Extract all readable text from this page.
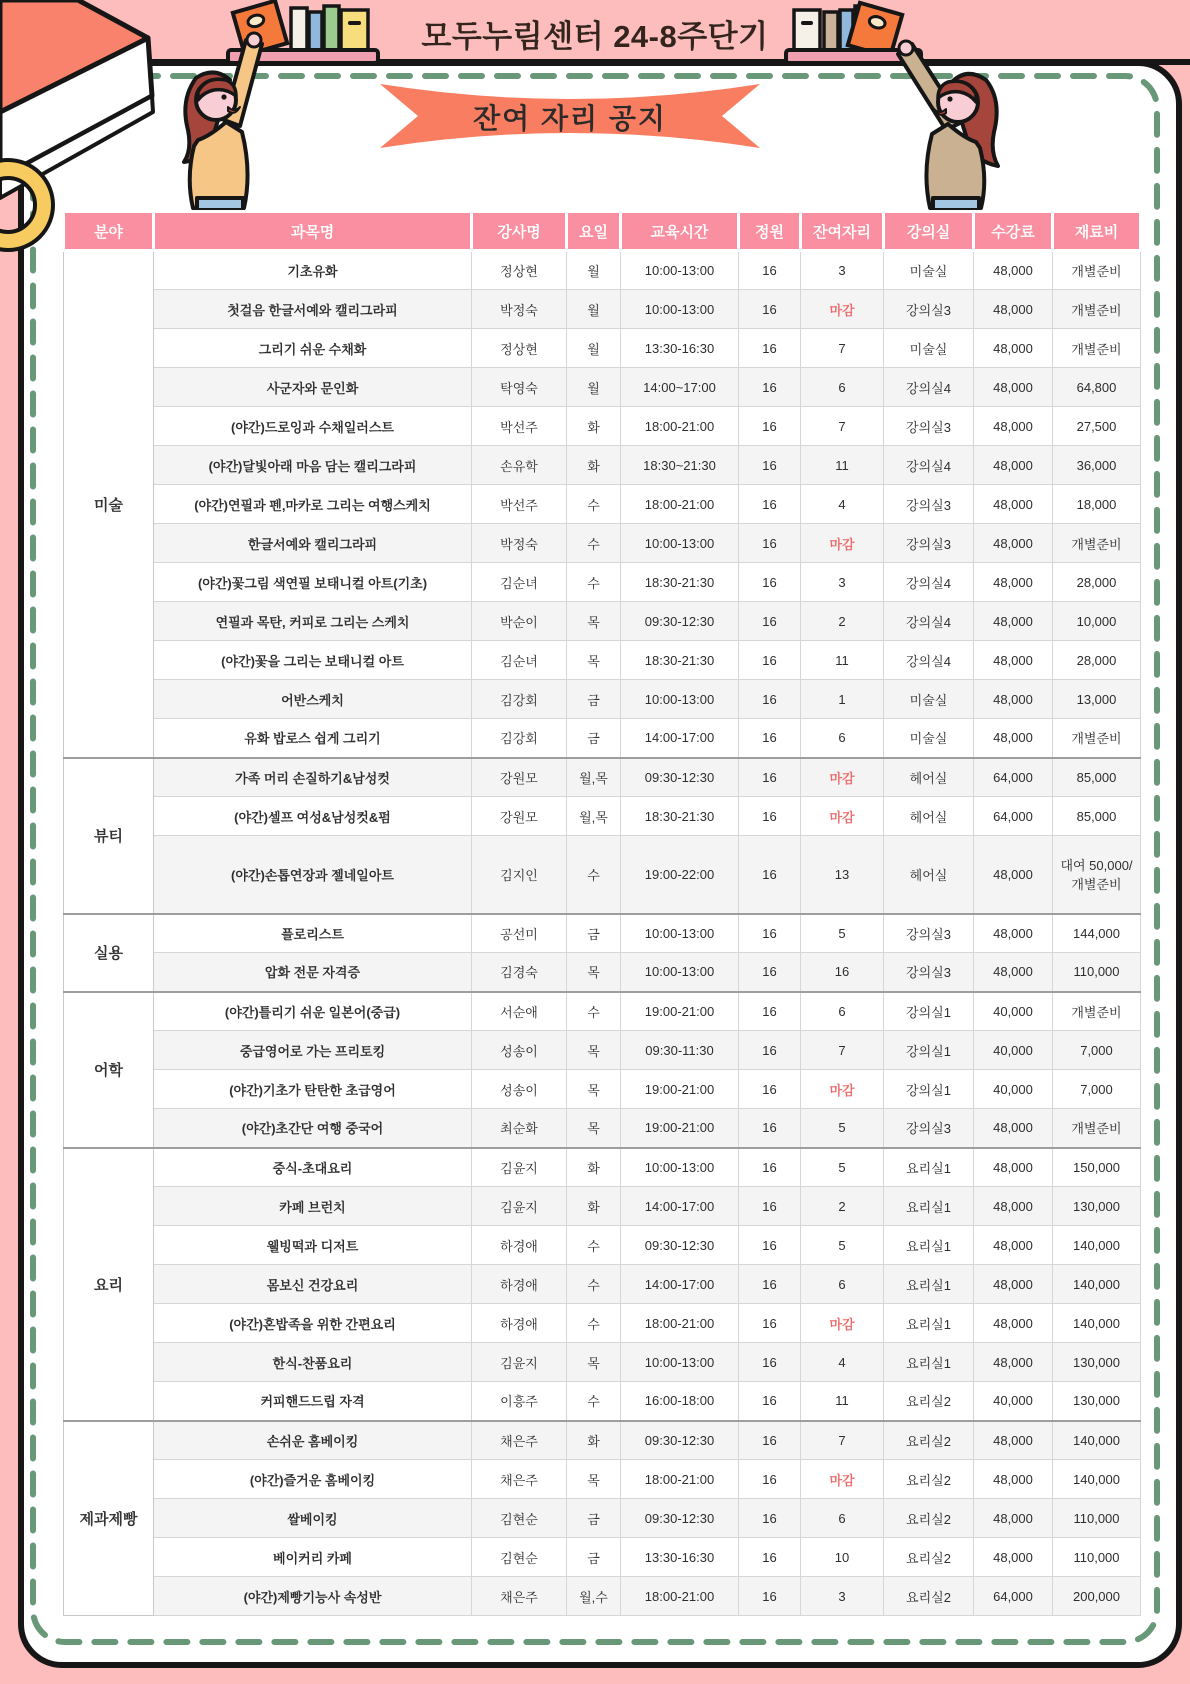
모두누림센터 24-8주단기
잔여 자리 공지
분야	과목명	강사명	요일	교육시간	정원	잔여자리	강의실	수강료	재료비
미술	기초유화	정상현	월	10:00-13:00	16	3	미술실	48,000	개별준비
	첫걸음 한글서예와 캘리그라피	박정숙	월	10:00-13:00	16	마감	강의실3	48,000	개별준비
	그리기 쉬운 수채화	정상현	월	13:30-16:30	16	7	미술실	48,000	개별준비
	사군자와 문인화	탁영숙	월	14:00~17:00	16	6	강의실4	48,000	64,800
	(야간)드로잉과 수채일러스트	박선주	화	18:00-21:00	16	7	강의실3	48,000	27,500
	(야간)달빛아래 마음 담는 캘리그라피	손유학	화	18:30~21:30	16	11	강의실4	48,000	36,000
	(야간)연필과 펜,마카로 그리는 여행스케치	박선주	수	18:00-21:00	16	4	강의실3	48,000	18,000
	한글서예와 캘리그라피	박정숙	수	10:00-13:00	16	마감	강의실3	48,000	개별준비
	(야간)꽃그림 색연필 보태니컬 아트(기초)	김순녀	수	18:30-21:30	16	3	강의실4	48,000	28,000
	연필과 목탄, 커피로 그리는 스케치	박순이	목	09:30-12:30	16	2	강의실4	48,000	10,000
	(야간)꽃을 그리는 보태니컬 아트	김순녀	목	18:30-21:30	16	11	강의실4	48,000	28,000
	어반스케치	김강회	금	10:00-13:00	16	1	미술실	48,000	13,000
	유화 밥로스 쉽게 그리기	김강회	금	14:00-17:00	16	6	미술실	48,000	개별준비
뷰티	가족 머리 손질하기&남성컷	강원모	월,목	09:30-12:30	16	마감	헤어실	64,000	85,000
	(야간)셀프 여성&남성컷&펌	강원모	월,목	18:30-21:30	16	마감	헤어실	64,000	85,000
	(야간)손톱연장과 젤네일아트	김지인	수	19:00-22:00	16	13	헤어실	48,000	대여 50,000/ 개별준비
실용	플로리스트	공선미	금	10:00-13:00	16	5	강의실3	48,000	144,000
	압화 전문 자격증	김경숙	목	10:00-13:00	16	16	강의실3	48,000	110,000
어학	(야간)틀리기 쉬운 일본어(중급)	서순애	수	19:00-21:00	16	6	강의실1	40,000	개별준비
	중급영어로 가는 프리토킹	성송이	목	09:30-11:30	16	7	강의실1	40,000	7,000
	(야간)기초가 탄탄한 초급영어	성송이	목	19:00-21:00	16	마감	강의실1	40,000	7,000
	(야간)초간단 여행 중국어	최순화	목	19:00-21:00	16	5	강의실3	48,000	개별준비
요리	중식-초대요리	김윤지	화	10:00-13:00	16	5	요리실1	48,000	150,000
	카페 브런치	김윤지	화	14:00-17:00	16	2	요리실1	48,000	130,000
	웰빙떡과 디저트	하경애	수	09:30-12:30	16	5	요리실1	48,000	140,000
	몸보신 건강요리	하경애	수	14:00-17:00	16	6	요리실1	48,000	140,000
	(야간)혼밥족을 위한 간편요리	하경애	수	18:00-21:00	16	마감	요리실1	48,000	140,000
	한식-찬품요리	김윤지	목	10:00-13:00	16	4	요리실1	48,000	130,000
	커피핸드드립 자격	이흥주	수	16:00-18:00	16	11	요리실2	40,000	130,000
제과제빵	손쉬운 홈베이킹	채은주	화	09:30-12:30	16	7	요리실2	48,000	140,000
	(야간)즐거운 홈베이킹	채은주	목	18:00-21:00	16	마감	요리실2	48,000	140,000
	쌀베이킹	김현순	금	09:30-12:30	16	6	요리실2	48,000	110,000
	베이커리 카페	김현순	금	13:30-16:30	16	10	요리실2	48,000	110,000
	(야간)제빵기능사 속성반	채은주	월,수	18:00-21:00	16	3	요리실2	64,000	200,000
